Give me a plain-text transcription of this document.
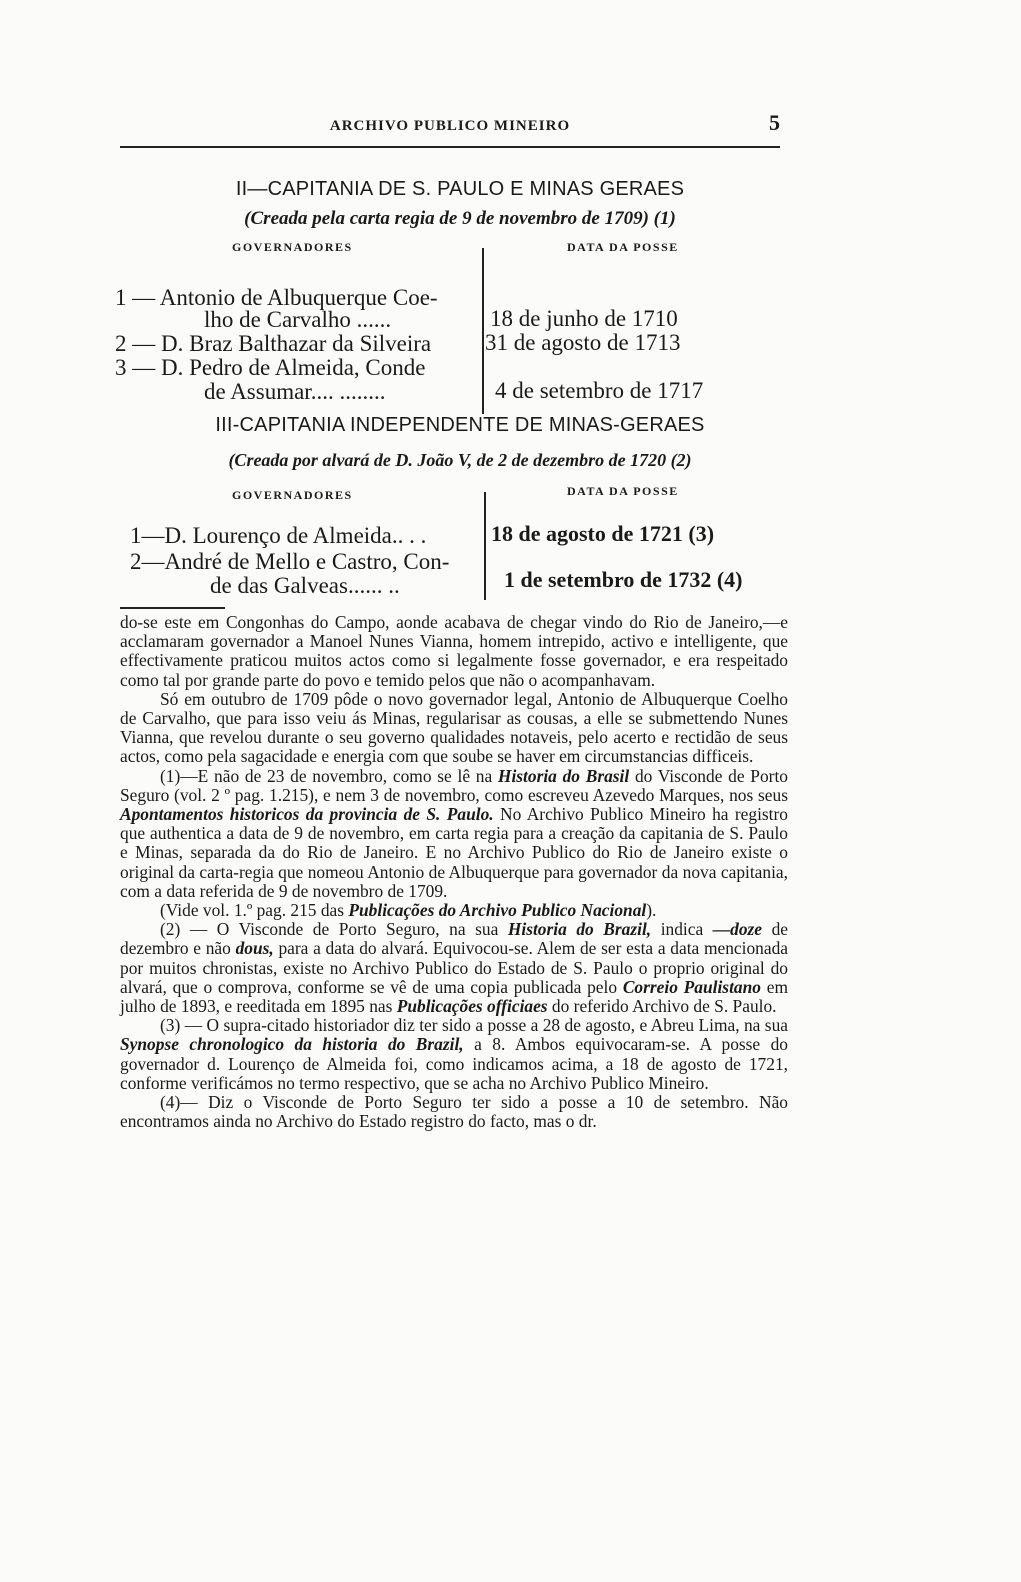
ARCHIVO PUBLICO MINEIRO	5
II—CAPITANIA DE S. PAULO E MINAS GERAES
(Creada pela carta regia de 9 de novembro de 1709) (1)
GOVERNADORES	DATA DA POSSE
1 — Antonio de Albuquerque Coe-
lho de Carvalho ......	18 de junho de 1710
2 — D. Braz Balthazar da Silveira 31 de agosto de 1713
3 — D. Pedro de Almeida, Conde
de Assumar.... ........	4 de setembro de 1717
III-CAPITANIA INDEPENDENTE DE MINAS-GERAES
(Creada por alvará de D. João V, de 2 de dezembro de 1720 (2)
GOVERNADORES	DATA DA POSSE
1—D. Lourenço de Almeida.. . .	18 de agosto de 1721 (3)
2—André de Mello e Castro, Con-
de das Galveas...... ..	1 de setembro de 1732 (4)

do-se este em Congonhas do Campo, aonde acabava de chegar vindo do Rio de Janeiro,—e acclamaram governador a Manoel Nunes Vianna, homem intrepido, activo e intelligente, que effectivamente praticou muitos actos como si legalmente fosse governador, e era respeitado como tal por grande parte do povo e temido pelos que não o acompanhavam.

Só em outubro de 1709 pôde o novo governador legal, Antonio de Albuquerque Coelho de Carvalho, que para isso veiu ás Minas, regularisar as cousas, a elle se submettendo Nunes Vianna, que revelou durante o seu governo qualidades notaveis, pelo acerto e rectidão de seus actos, como pela sagacidade e energia com que soube se haver em circumstancias difficeis.

(1)—E não de 23 de novembro, como se lê na Historia do Brasil do Visconde de Porto Seguro (vol. 2 º pag. 1.215), e nem 3 de novembro, como escreveu Azevedo Marques, nos seus Apontamentos historicos da provincia de S. Paulo. No Archivo Publico Mineiro ha registro que authentica a data de 9 de novembro, em carta regia para a creação da capitania de S. Paulo e Minas, separada da do Rio de Janeiro. E no Archivo Publico do Rio de Janeiro existe o original da carta-regia que nomeou Antonio de Albuquerque para governador da nova capitania, com a data referida de 9 de novembro de 1709.

(Vide vol. 1.º pag. 215 das Publicações do Archivo Publico Nacional).

(2) — O Visconde de Porto Seguro, na sua Historia do Brazil, indica —doze de dezembro e não dous, para a data do alvará. Equivocou-se. Alem de ser esta a data mencionada por muitos chronistas, existe no Archivo Publico do Estado de S. Paulo o proprio original do alvará, que o comprova, conforme se vê de uma copia publicada pelo Correio Paulistano em julho de 1893, e reeditada em 1895 nas Publicações officiaes do referido Archivo de S. Paulo.

(3) — O supra-citado historiador diz ter sido a posse a 28 de agosto, e Abreu Lima, na sua Synopse chronologico da historia do Brazil, a 8. Ambos equivocaram-se. A posse do governador d. Lourenço de Almeida foi, como indicamos acima, a 18 de agosto de 1721, conforme verificámos no termo respectivo, que se acha no Archivo Publico Mineiro.

(4)— Diz o Visconde de Porto Seguro ter sido a posse a 10 de setembro. Não encontramos ainda no Archivo do Estado registro do facto, mas o dr.
